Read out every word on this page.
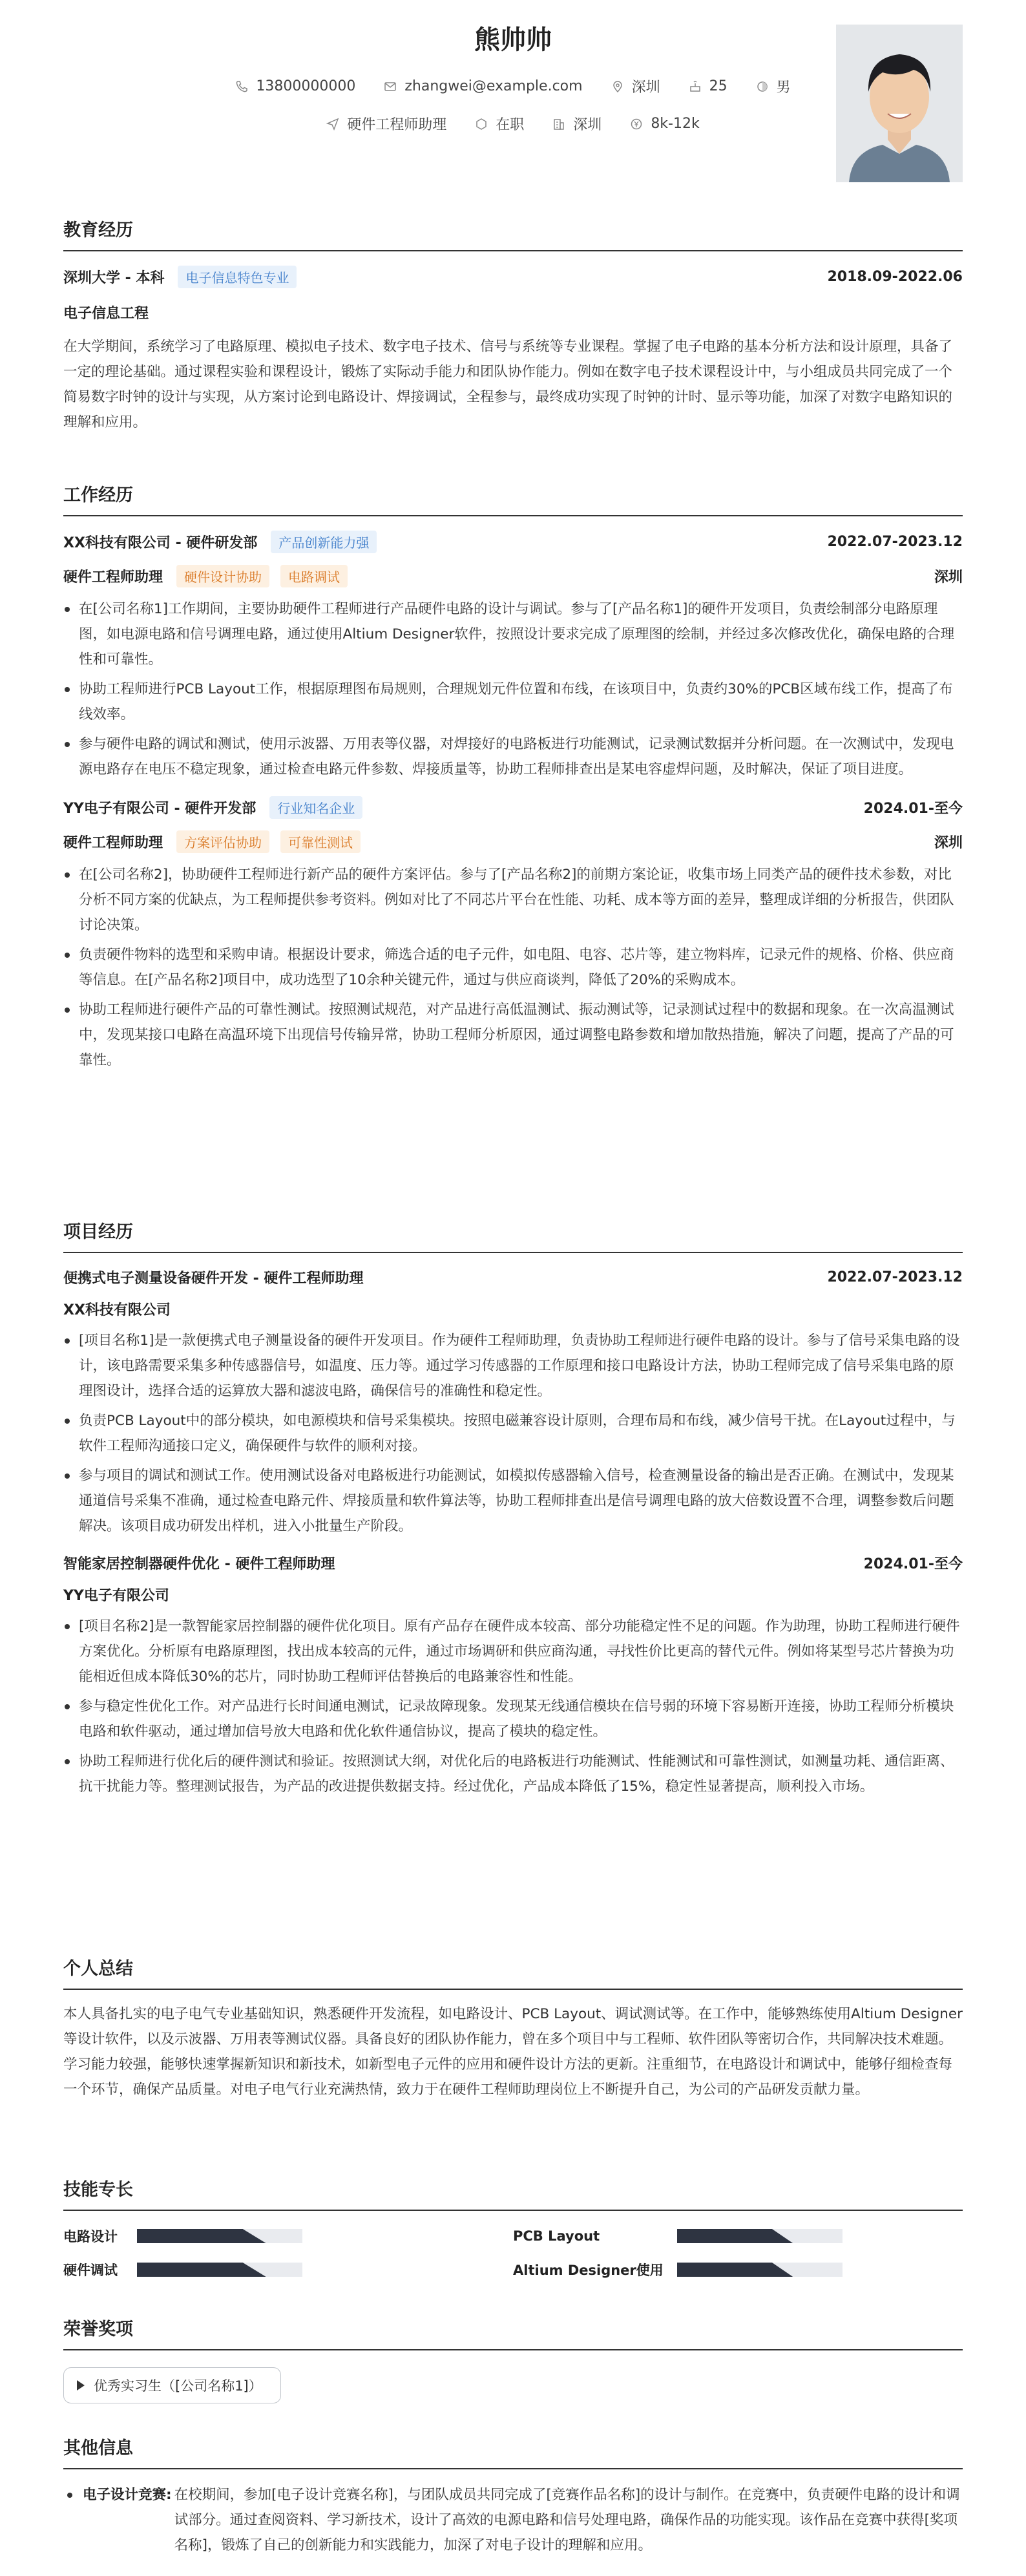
熊帅帅
13800000000	zhangwei@example.com	深圳	25	男
硬件工程师助理	在职	深圳	8k-12k
教育经历
深圳大学 - 本科 电子信息特色专业	2018.09-2022.06
电子信息工程
在大学期间，系统学习了电路原理、模拟电子技术、数字电子技术、信号与系统等专业课程。掌握了电子电路的基本分析方法和设计原理，具备了一定的理论基础。通过课程实验和课程设计，锻炼了实际动手能力和团队协作能力。例如在数字电子技术课程设计中，与小组成员共同完成了一个简易数字时钟的设计与实现，从方案讨论到电路设计、焊接调试，全程参与，最终成功实现了时钟的计时、显示等功能，加深了对数字电路知识的理解和应用。
工作经历
XX科技有限公司 - 硬件研发部 产品创新能力强	2022.07-2023.12
硬件工程师助理 硬件设计协助 电路调试	深圳
在[公司名称1]工作期间，主要协助硬件工程师进行产品硬件电路的设计与调试。参与了[产品名称1]的硬件开发项目，负责绘制部分电路原理图，如电源电路和信号调理电路，通过使用Altium Designer软件，按照设计要求完成了原理图的绘制，并经过多次修改优化，确保电路的合理性和可靠性。
协助工程师进行PCB Layout工作，根据原理图布局规则，合理规划元件位置和布线，在该项目中，负责约30%的PCB区域布线工作，提高了布线效率。
参与硬件电路的调试和测试，使用示波器、万用表等仪器，对焊接好的电路板进行功能测试，记录测试数据并分析问题。在一次测试中，发现电源电路存在电压不稳定现象，通过检查电路元件参数、焊接质量等，协助工程师排查出是某电容虚焊问题，及时解决，保证了项目进度。
YY电子有限公司 - 硬件开发部 行业知名企业	2024.01-至今
硬件工程师助理 方案评估协助 可靠性测试	深圳
在[公司名称2]，协助硬件工程师进行新产品的硬件方案评估。参与了[产品名称2]的前期方案论证，收集市场上同类产品的硬件技术参数，对比分析不同方案的优缺点，为工程师提供参考资料。例如对比了不同芯片平台在性能、功耗、成本等方面的差异，整理成详细的分析报告，供团队讨论决策。
负责硬件物料的选型和采购申请。根据设计要求，筛选合适的电子元件，如电阻、电容、芯片等，建立物料库，记录元件的规格、价格、供应商等信息。在[产品名称2]项目中，成功选型了10余种关键元件，通过与供应商谈判，降低了20%的采购成本。
协助工程师进行硬件产品的可靠性测试。按照测试规范，对产品进行高低温测试、振动测试等，记录测试过程中的数据和现象。在一次高温测试中，发现某接口电路在高温环境下出现信号传输异常，协助工程师分析原因，通过调整电路参数和增加散热措施，解决了问题，提高了产品的可靠性。
项目经历
便携式电子测量设备硬件开发 - 硬件工程师助理	2022.07-2023.12
XX科技有限公司
[项目名称1]是一款便携式电子测量设备的硬件开发项目。作为硬件工程师助理，负责协助工程师进行硬件电路的设计。参与了信号采集电路的设计，该电路需要采集多种传感器信号，如温度、压力等。通过学习传感器的工作原理和接口电路设计方法，协助工程师完成了信号采集电路的原理图设计，选择合适的运算放大器和滤波电路，确保信号的准确性和稳定性。
负责PCB Layout中的部分模块，如电源模块和信号采集模块。按照电磁兼容设计原则，合理布局和布线，减少信号干扰。在Layout过程中，与软件工程师沟通接口定义，确保硬件与软件的顺利对接。
参与项目的调试和测试工作。使用测试设备对电路板进行功能测试，如模拟传感器输入信号，检查测量设备的输出是否正确。在测试中，发现某通道信号采集不准确，通过检查电路元件、焊接质量和软件算法等，协助工程师排查出是信号调理电路的放大倍数设置不合理，调整参数后问题解决。该项目成功研发出样机，进入小批量生产阶段。
智能家居控制器硬件优化 - 硬件工程师助理	2024.01-至今
YY电子有限公司
[项目名称2]是一款智能家居控制器的硬件优化项目。原有产品存在硬件成本较高、部分功能稳定性不足的问题。作为助理，协助工程师进行硬件方案优化。分析原有电路原理图，找出成本较高的元件，通过市场调研和供应商沟通，寻找性价比更高的替代元件。例如将某型号芯片替换为功能相近但成本降低30%的芯片，同时协助工程师评估替换后的电路兼容性和性能。
参与稳定性优化工作。对产品进行长时间通电测试，记录故障现象。发现某无线通信模块在信号弱的环境下容易断开连接，协助工程师分析模块电路和软件驱动，通过增加信号放大电路和优化软件通信协议，提高了模块的稳定性。
协助工程师进行优化后的硬件测试和验证。按照测试大纲，对优化后的电路板进行功能测试、性能测试和可靠性测试，如测量功耗、通信距离、抗干扰能力等。整理测试报告，为产品的改进提供数据支持。经过优化，产品成本降低了15%，稳定性显著提高，顺利投入市场。
个人总结
本人具备扎实的电子电气专业基础知识，熟悉硬件开发流程，如电路设计、PCB Layout、调试测试等。在工作中，能够熟练使用Altium Designer等设计软件，以及示波器、万用表等测试仪器。具备良好的团队协作能力，曾在多个项目中与工程师、软件团队等密切合作，共同解决技术难题。学习能力较强，能够快速掌握新知识和新技术，如新型电子元件的应用和硬件设计方法的更新。注重细节，在电路设计和调试中，能够仔细检查每一个环节，确保产品质量。对电子电气行业充满热情，致力于在硬件工程师助理岗位上不断提升自己，为公司的产品研发贡献力量。
技能专长
电路设计	PCB Layout
硬件调试	Altium Designer使用
荣誉奖项
优秀实习生（[公司名称1]）
其他信息
电子设计竞赛: 在校期间，参加[电子设计竞赛名称]，与团队成员共同完成了[竞赛作品名称]的设计与制作。在竞赛中，负责硬件电路的设计和调试部分。通过查阅资料、学习新技术，设计了高效的电源电路和信号处理电路，确保作品的功能实现。该作品在竞赛中获得[奖项名称]，锻炼了自己的创新能力和实践能力，加深了对电子设计的理解和应用。
